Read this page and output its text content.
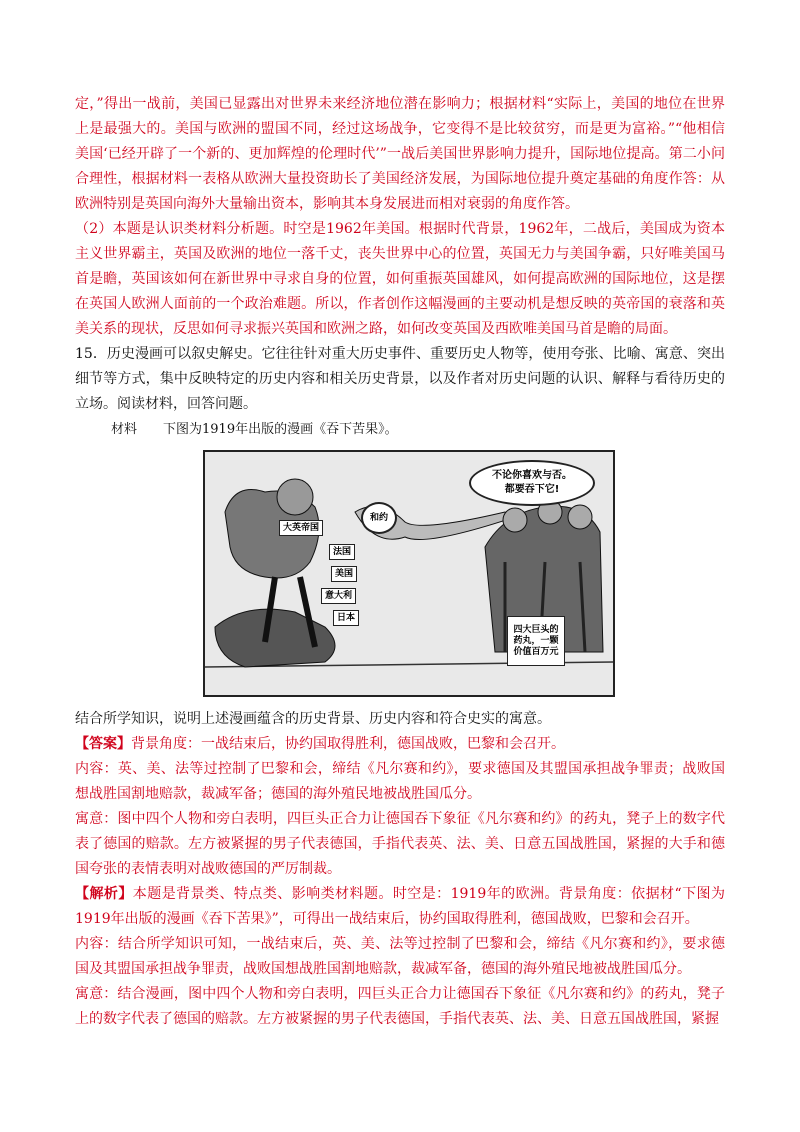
定，”得出一战前，美国已显露出对世界未来经济地位潜在影响力；根据材料“实际上，美国的地位在世界上是最强大的。美国与欧洲的盟国不同，经过这场战争，它变得不是比较贫穷，而是更为富裕。”“他相信美国‘已经开辟了一个新的、更加辉煌的伦理时代’”一战后美国世界影响力提升，国际地位提高。第二小问合理性，根据材料一表格从欧洲大量投资助长了美国经济发展，为国际地位提升奠定基础的角度作答：从欧洲特别是英国向海外大量输出资本，影响其本身发展进而相对衰弱的角度作答。

（2）本题是认识类材料分析题。时空是1962年美国。根据时代背景，1962年，二战后，美国成为资本主义世界霸主，英国及欧洲的地位一落千丈，丧失世界中心的位置，英国无力与美国争霸，只好唯美国马首是瞻，英国该如何在新世界中寻求自身的位置，如何重振英国雄风，如何提高欧洲的国际地位，这是摆在英国人欧洲人面前的一个政治难题。所以，作者创作这幅漫画的主要动机是想反映的英帝国的衰落和英美关系的现状，反思如何寻求振兴英国和欧洲之路，如何改变英国及西欧唯美国马首是瞻的局面。

15．历史漫画可以叙史解史。它往往针对重大历史事件、重要历史人物等，使用夸张、比喻、寓意、突出细节等方式，集中反映特定的历史内容和相关历史背景，以及作者对历史问题的认识、解释与看待历史的立场。阅读材料，回答问题。

材料　　下图为1919年出版的漫画《吞下苦果》。

不论你喜欢与否。
都要吞下它!
和约
大英帝国
法国
美国
意大利
日本
四大巨头的
药丸，一颗
价值百万元

结合所学知识，说明上述漫画蕴含的历史背景、历史内容和符合史实的寓意。

【答案】背景角度：一战结束后，协约国取得胜利，德国战败，巴黎和会召开。

内容：英、美、法等过控制了巴黎和会，缔结《凡尔赛和约》，要求德国及其盟国承担战争罪责；战败国想战胜国割地赔款，裁减军备；德国的海外殖民地被战胜国瓜分。

寓意：图中四个人物和旁白表明，四巨头正合力让德国吞下象征《凡尔赛和约》的药丸，凳子上的数字代表了德国的赔款。左方被紧握的男子代表德国，手指代表英、法、美、日意五国战胜国，紧握的大手和德国夸张的表情表明对战败德国的严厉制裁。

【解析】本题是背景类、特点类、影响类材料题。时空是：1919年的欧洲。背景角度：依据材“下图为1919年出版的漫画《吞下苦果》”，可得出一战结束后，协约国取得胜利，德国战败，巴黎和会召开。

内容：结合所学知识可知，一战结束后，英、美、法等过控制了巴黎和会，缔结《凡尔赛和约》，要求德国及其盟国承担战争罪责，战败国想战胜国割地赔款，裁减军备，德国的海外殖民地被战胜国瓜分。

寓意：结合漫画，图中四个人物和旁白表明，四巨头正合力让德国吞下象征《凡尔赛和约》的药丸，凳子上的数字代表了德国的赔款。左方被紧握的男子代表德国，手指代表英、法、美、日意五国战胜国，紧握
